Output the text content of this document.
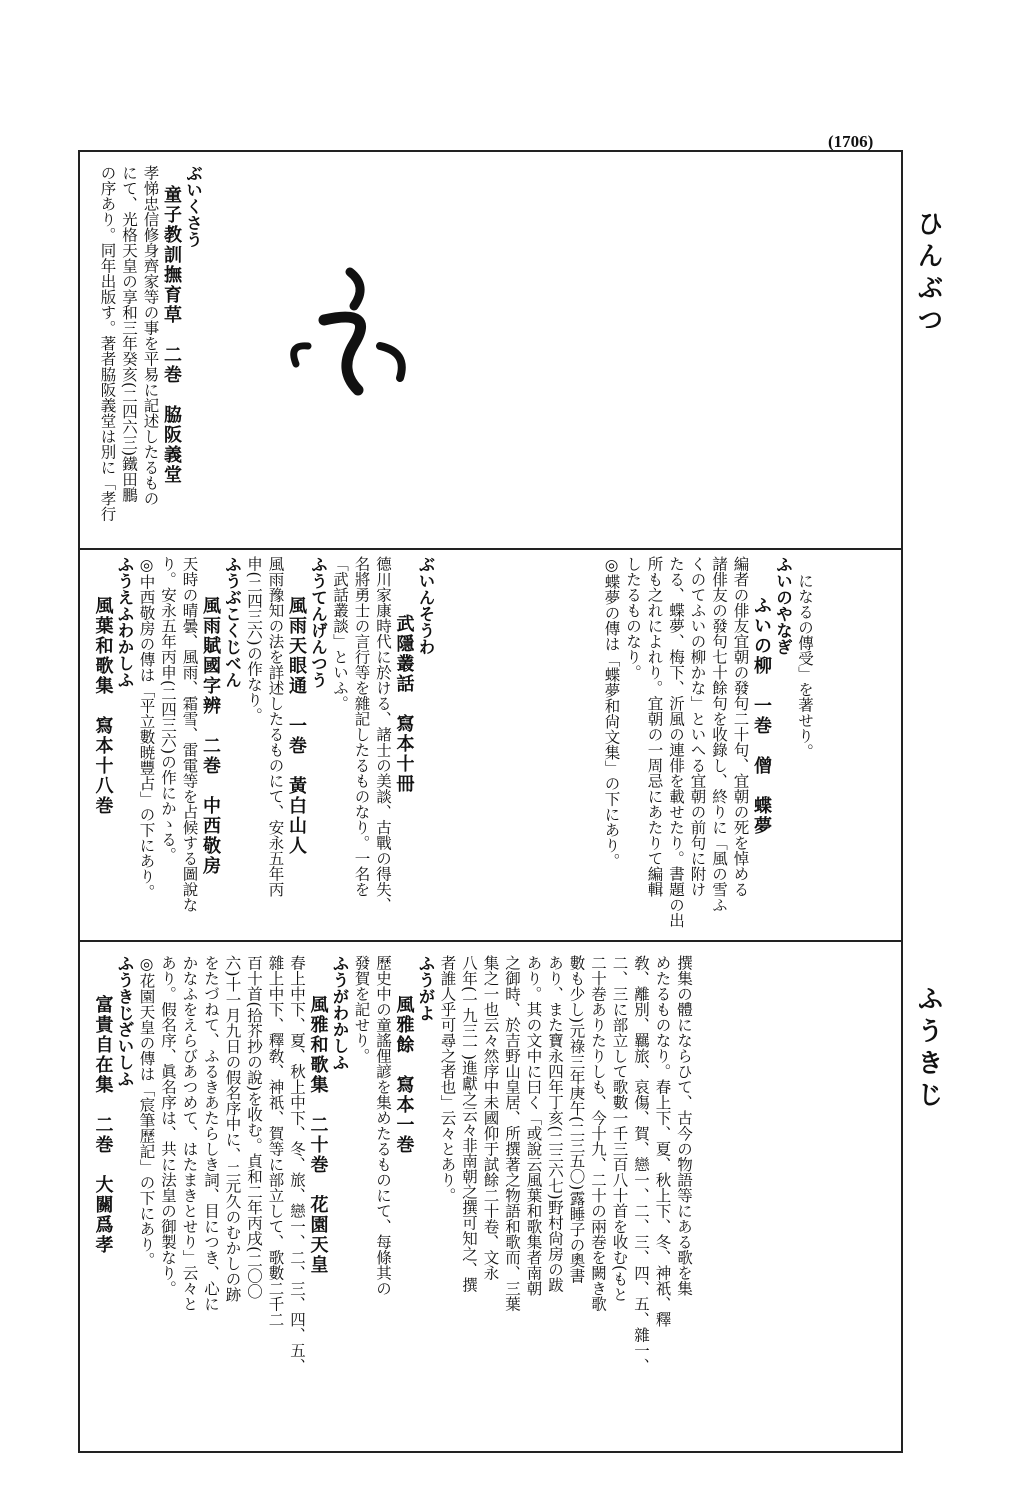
(1706)
ひんぶつ
ふうきじ
ふ

ぶいくさう

童子教訓撫育草　二巻　脇阪義堂

孝悌忠信修身齊家等の事を平易に記述したるもの

にて、光格天皇の享和三年癸亥(二四六三)鐵田鵬

の序あり。同年出版す。著者脇阪義堂は別に「孝行

になるの傳受」を著せり。

ふいのやなぎ

ふいの柳　一巻　僧　蝶夢

編者の俳友宜朝の發句二十句、宜朝の死を悼める

諸俳友の發句七十餘句を收錄し、終りに「風の雪ふ

くのてふいの柳かな」といへる宜朝の前句に附け

たる、蝶夢、梅下、沂風の連俳を載せたり。書題の出

所も之れによれり。宜朝の一周忌にあたりて編輯

したるものなり。

◎蝶夢の傳は「蝶夢和尙文集」の下にあり。

ぶいんそうわ

武隱叢話　寫本十冊

德川家康時代に於ける、諸士の美談、古戰の得失、

名將勇士の言行等を雜記したるものなり。一名を

「武話叢談」といふ。

ふうてんげんつう

風雨天眼通　一巻　黃白山人

風雨豫知の法を詳述したるものにて、安永五年丙

申(二四三六)の作なり。

ふうぶこくじべん

風雨賦國字辨　二巻　中西敬房

天時の晴曇、風雨、霜雪、雷電等を占候する圖說な

り。安永五年丙申(二四三六)の作にかゝる。

◎中西敬房の傳は「平立數暁豐占」の下にあり。

ふうえふわかしふ

風葉和歌集　寫本十八巻

撰集の體にならひて、古今の物語等にある歌を集

めたるものなり。春上下、夏、秋上下、冬、神祇、釋

敎、離別、羈旅、哀傷、賀、戀一、二、三、四、五、雜一、

二、三に部立して歌數一千三百八十首を收む(もと

二十巻ありたりしも、今十九、二十の兩巻を闕き歌

數も少し)元祿三年庚午(二三五〇)露睡子の奧書

あり、また寶永四年丁亥(二三六七)野村尙房の跋

あり。其の文中に曰く「或說云風葉和歌集者南朝

之御時、於吉野山皇居、所撰著之物語和歌而、三葉

集之一也云々然序中未國仰于試餘二十卷、文永

八年(一九三一)進獻之云々非南朝之撰可知之、撰

者誰人乎可尋之者也」云々とあり。

ふうがよ

風雅餘　寫本一巻

歷史中の童謠俚諺を集めたるものにて、每條其の

發賀を記せり。

ふうがわかしふ

風雅和歌集　二十巻　花園天皇

春上中下、夏、秋上中下、冬、旅、戀一、二、三、四、五、

雜上中下、釋敎、神祇、賀等に部立して、歌數二千二

百十首(拾芥抄の說)を收む。貞和二年丙戌(二〇〇

六)十一月九日の假名序中に、二元久のむかしの跡

をたづねて、ふるきあたらしき詞、目につき、心に

かなふをえらびあつめて、はたまきとせり」云々と

あり。假名序、眞名序は、共に法皇の御製なり。

◎花園天皇の傳は「宸筆歷記」の下にあり。

ふうきじざいしふ

富貴自在集　二巻　大關爲孝
